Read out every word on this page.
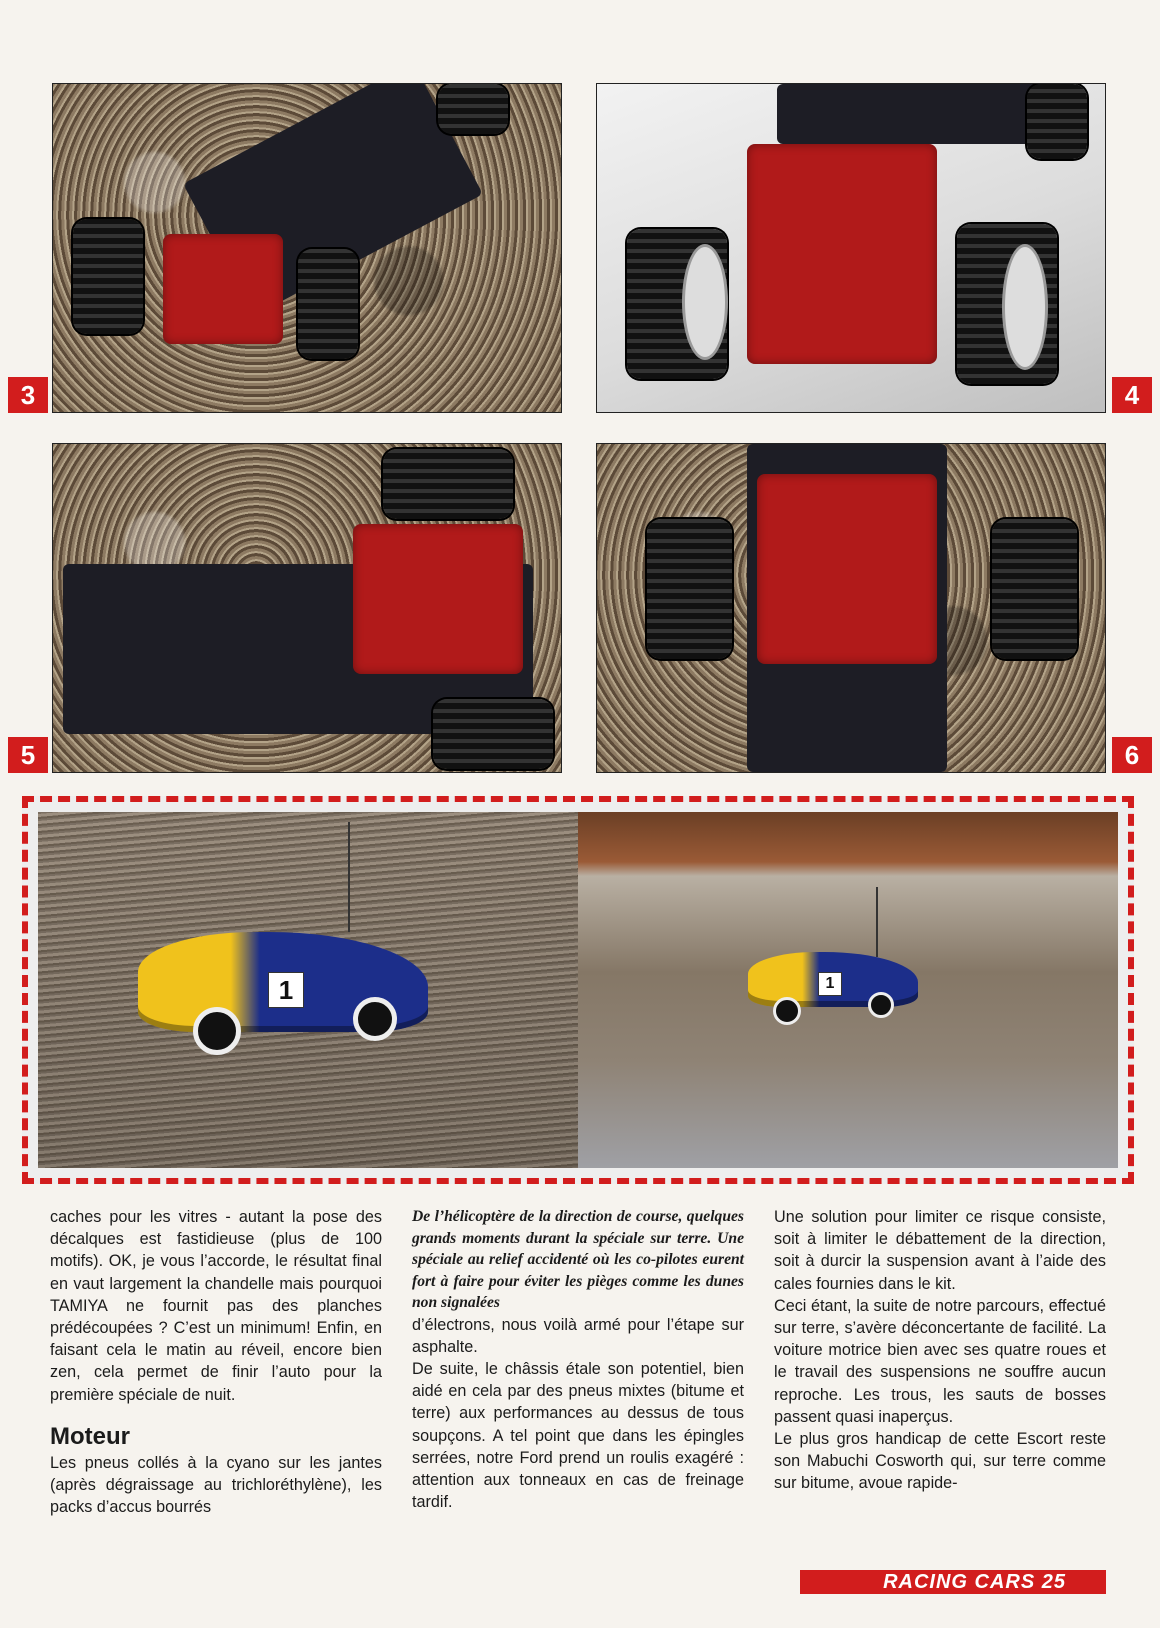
3	4
5	6
1	1

caches pour les vitres - autant la pose des décalques est fastidieuse (plus de 100 motifs). OK, je vous l’accorde, le résultat final en vaut largement la chandelle mais pourquoi TAMIYA ne fournit pas des planches prédécoupées ? C’est un minimum! Enfin, en faisant cela le matin au réveil, encore bien zen, cela permet de finir l’auto pour la première spéciale de nuit.

Moteur

Les pneus collés à la cyano sur les jantes (après dégraissage au trichloréthylène), les packs d’accus bourrés

De l’hélicoptère de la direction de course, quelques grands moments durant la spéciale sur terre. Une spéciale au relief accidenté où les co-pilotes eurent fort à faire pour éviter les pièges comme les dunes non signalées

d’électrons, nous voilà armé pour l’étape sur asphalte.

De suite, le châssis étale son potentiel, bien aidé en cela par des pneus mixtes (bitume et terre) aux performances au dessus de tous soupçons. A tel point que dans les épingles serrées, notre Ford prend un roulis exagéré : attention aux tonneaux en cas de freinage tardif.

Une solution pour limiter ce risque consiste, soit à limiter le débattement de la direction, soit à durcir la suspension avant à l’aide des cales fournies dans le kit.

Ceci étant, la suite de notre parcours, effectué sur terre, s’avère déconcertante de facilité. La voiture motrice bien avec ses quatre roues et le travail des suspensions ne souffre aucun reproche. Les trous, les sauts de bosses passent quasi inaperçus.

Le plus gros handicap de cette Escort reste son Mabuchi Cosworth qui, sur terre comme sur bitume, avoue rapide-

RACING CARS 25
